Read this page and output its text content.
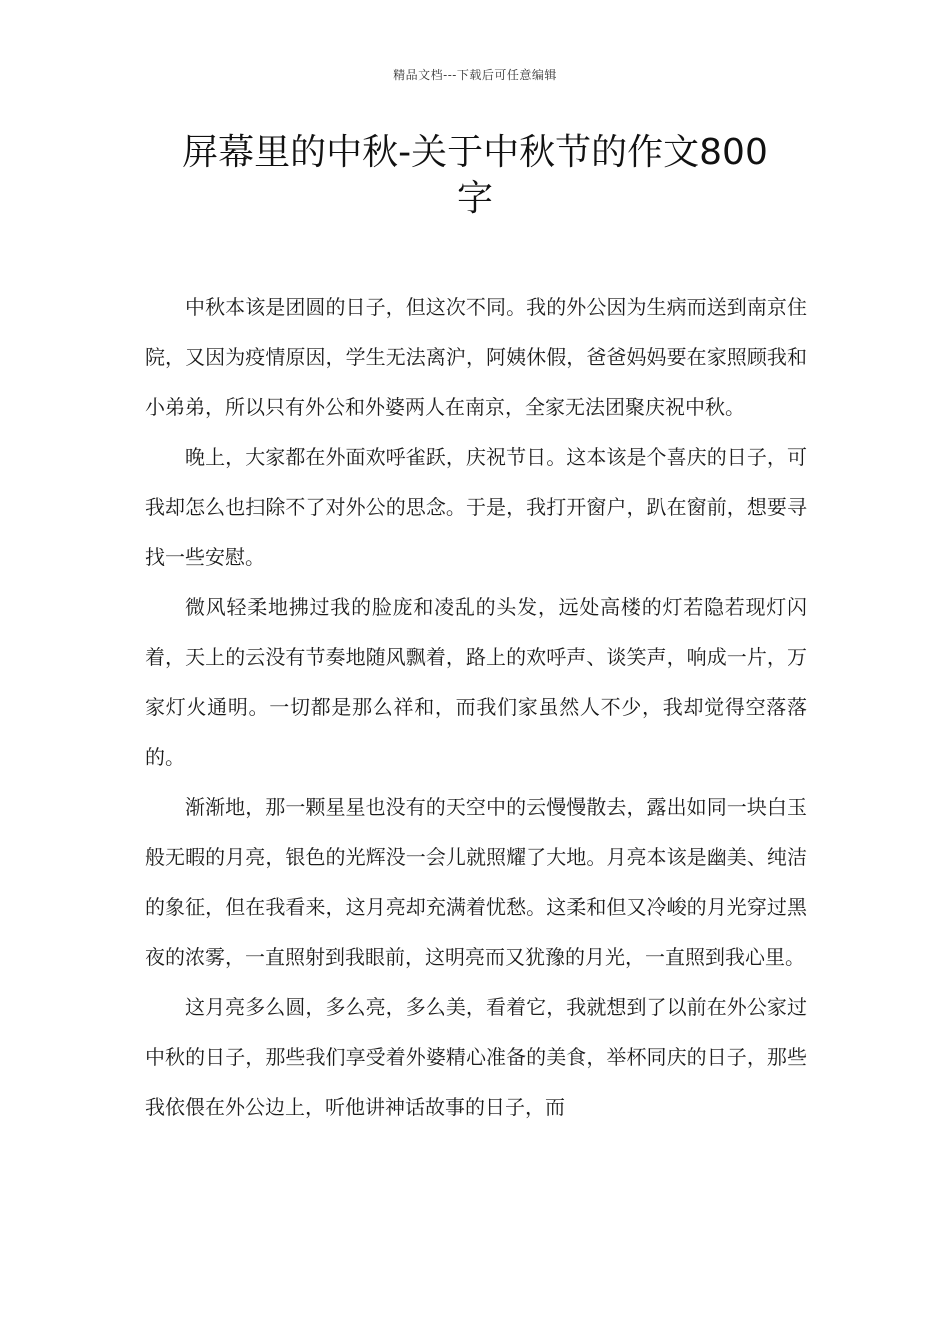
精品文档---下载后可任意编辑
屏幕里的中秋-关于中秋节的作文800
字

中秋本该是团圆的日子，但这次不同。我的外公因为生病而送到南京住院，又因为疫情原因，学生无法离沪，阿姨休假，爸爸妈妈要在家照顾我和小弟弟，所以只有外公和外婆两人在南京，全家无法团聚庆祝中秋。

晚上，大家都在外面欢呼雀跃，庆祝节日。这本该是个喜庆的日子，可我却怎么也扫除不了对外公的思念。于是，我打开窗户，趴在窗前，想要寻找一些安慰。

微风轻柔地拂过我的脸庞和凌乱的头发，远处高楼的灯若隐若现灯闪着，天上的云没有节奏地随风飘着，路上的欢呼声、谈笑声，响成一片，万家灯火通明。一切都是那么祥和，而我们家虽然人不少，我却觉得空落落的。

渐渐地，那一颗星星也没有的天空中的云慢慢散去，露出如同一块白玉般无暇的月亮，银色的光辉没一会儿就照耀了大地。月亮本该是幽美、纯洁的象征，但在我看来，这月亮却充满着忧愁。这柔和但又冷峻的月光穿过黑夜的浓雾，一直照射到我眼前，这明亮而又犹豫的月光，一直照到我心里。

这月亮多么圆，多么亮，多么美，看着它，我就想到了以前在外公家过中秋的日子，那些我们享受着外婆精心准备的美食，举杯同庆的日子，那些我依偎在外公边上，听他讲神话故事的日子，而
